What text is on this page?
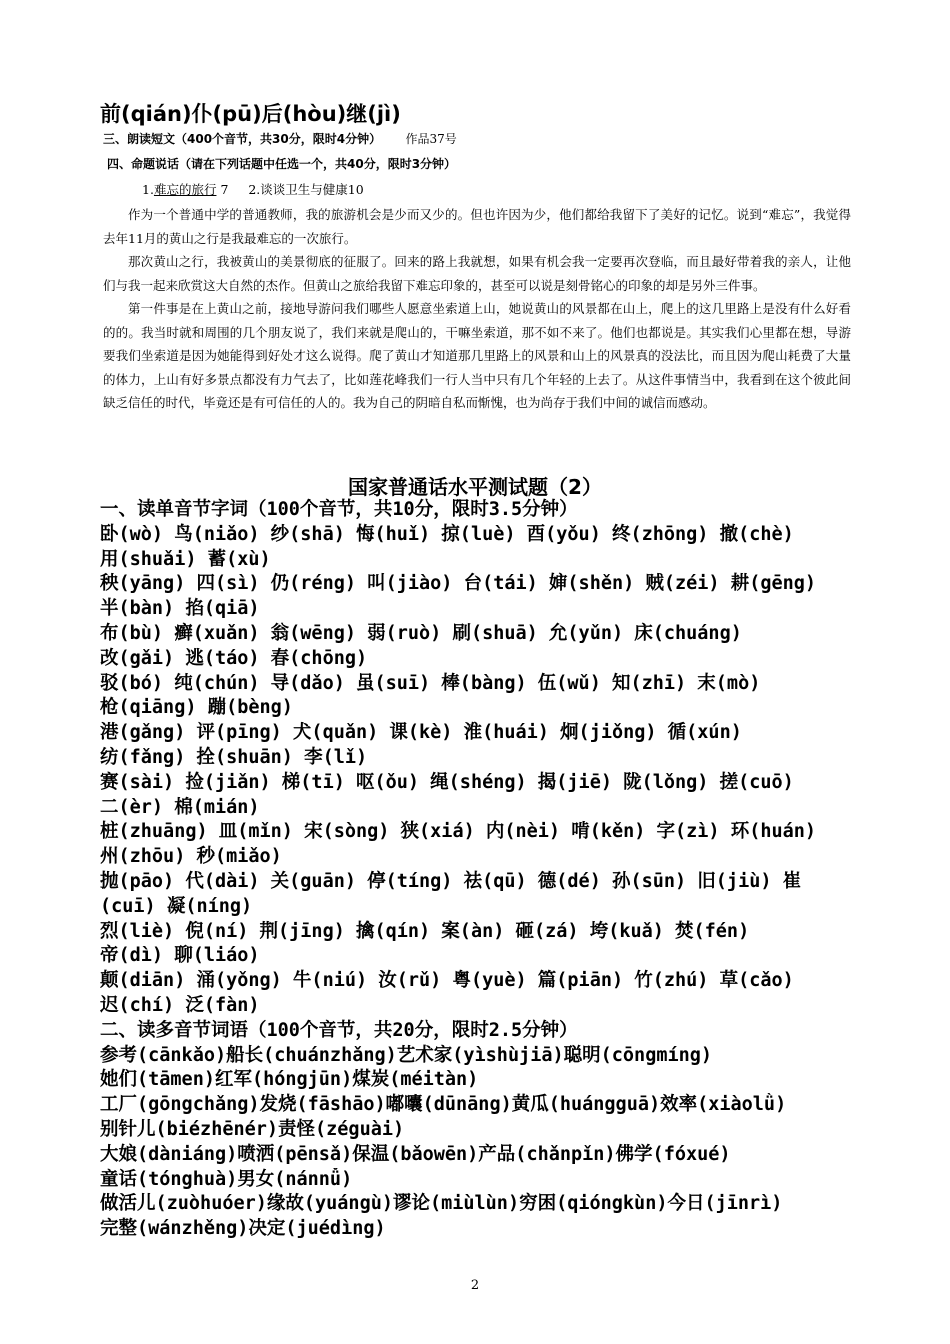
前(qián)仆(pū)后(hòu)继(jì)
三、朗读短文（400个音节，共30分，限时4分钟） 作品37号
四、命题说话（请在下列话题中任选一个，共40分，限时3分钟）
1.难忘的旅行 7 2.谈谈卫生与健康10

作为一个普通中学的普通教师，我的旅游机会是少而又少的。但也许因为少，他们都给我留下了美好的记忆。说到“难忘”，我觉得去年11月的黄山之行是我最难忘的一次旅行。

那次黄山之行，我被黄山的美景彻底的征服了。回来的路上我就想，如果有机会我一定要再次登临，而且最好带着我的亲人，让他们与我一起来欣赏这大自然的杰作。但黄山之旅给我留下难忘印象的，甚至可以说是刻骨铭心的印象的却是另外三件事。

第一件事是在上黄山之前，接地导游问我们哪些人愿意坐索道上山，她说黄山的风景都在山上，爬上的这几里路上是没有什么好看的的。我当时就和周围的几个朋友说了，我们来就是爬山的，干嘛坐索道，那不如不来了。他们也都说是。其实我们心里都在想，导游要我们坐索道是因为她能得到好处才这么说得。爬了黄山才知道那几里路上的风景和山上的风景真的没法比，而且因为爬山耗费了大量的体力，上山有好多景点都没有力气去了，比如莲花峰我们一行人当中只有几个年轻的上去了。从这件事情当中，我看到在这个彼此间缺乏信任的时代，毕竟还是有可信任的人的。我为自己的阴暗自私而惭愧，也为尚存于我们中间的诚信而感动。

国家普通话水平测试题（2）
一、读单音节字词（100个音节，共10分，限时3.5分钟）
卧(wò) 鸟(niǎo) 纱(shā) 悔(huǐ) 掠(luè) 酉(yǒu) 终(zhōng) 撤(chè)
用(shuǎi) 蓄(xù)
秧(yāng) 四(sì) 仍(réng) 叫(jiào) 台(tái) 婶(shěn) 贼(zéi) 耕(gēng)
半(bàn) 掐(qiā)
布(bù) 癣(xuǎn) 翁(wēng) 弱(ruò) 刷(shuā) 允(yǔn) 床(chuáng)
改(gǎi) 逃(táo) 春(chōng)
驳(bó) 纯(chún) 导(dǎo) 虽(suī) 棒(bàng) 伍(wǔ) 知(zhī) 末(mò)
枪(qiāng) 蹦(bèng)
港(gǎng) 评(pīng) 犬(quǎn) 课(kè) 淮(huái) 炯(jiǒng) 循(xún)
纺(fǎng) 拴(shuān) 李(lǐ)
赛(sài) 捡(jiǎn) 梯(tī) 呕(ǒu) 绳(shéng) 揭(jiē) 陇(lǒng) 搓(cuō)
二(èr) 棉(mián)
桩(zhuāng) 皿(mǐn) 宋(sòng) 狭(xiá) 内(nèi) 啃(kěn) 字(zì) 环(huán)
州(zhōu) 秒(miǎo)
抛(pāo) 代(dài) 关(guān) 停(tíng) 祛(qū) 德(dé) 孙(sūn) 旧(jiù) 崔
(cuī) 凝(níng)
烈(liè) 倪(ní) 荆(jīng) 擒(qín) 案(àn) 砸(zá) 垮(kuǎ) 焚(fén)
帝(dì) 聊(liáo)
颠(diān) 涌(yǒng) 牛(niú) 汝(rǔ) 粤(yuè) 篇(piān) 竹(zhú) 草(cǎo)
迟(chí) 泛(fàn)
二、读多音节词语（100个音节，共20分，限时2.5分钟）
参考(cānkǎo)船长(chuánzhǎng)艺术家(yìshùjiā)聪明(cōngmíng)
她们(tāmen)红军(hóngjūn)煤炭(méitàn)
工厂(gōngchǎng)发烧(fāshāo)嘟囔(dūnāng)黄瓜(huángguā)效率(xiàolǜ)
别针儿(biézhēnér)责怪(zéguài)
大娘(dàniáng)喷洒(pēnsǎ)保温(bǎowēn)产品(chǎnpǐn)佛学(fóxué)
童话(tónghuà)男女(nánnǚ)
做活儿(zuòhuóer)缘故(yuángù)谬论(miùlùn)穷困(qióngkùn)今日(jīnrì)
完整(wánzhěng)决定(juédìng)
2
